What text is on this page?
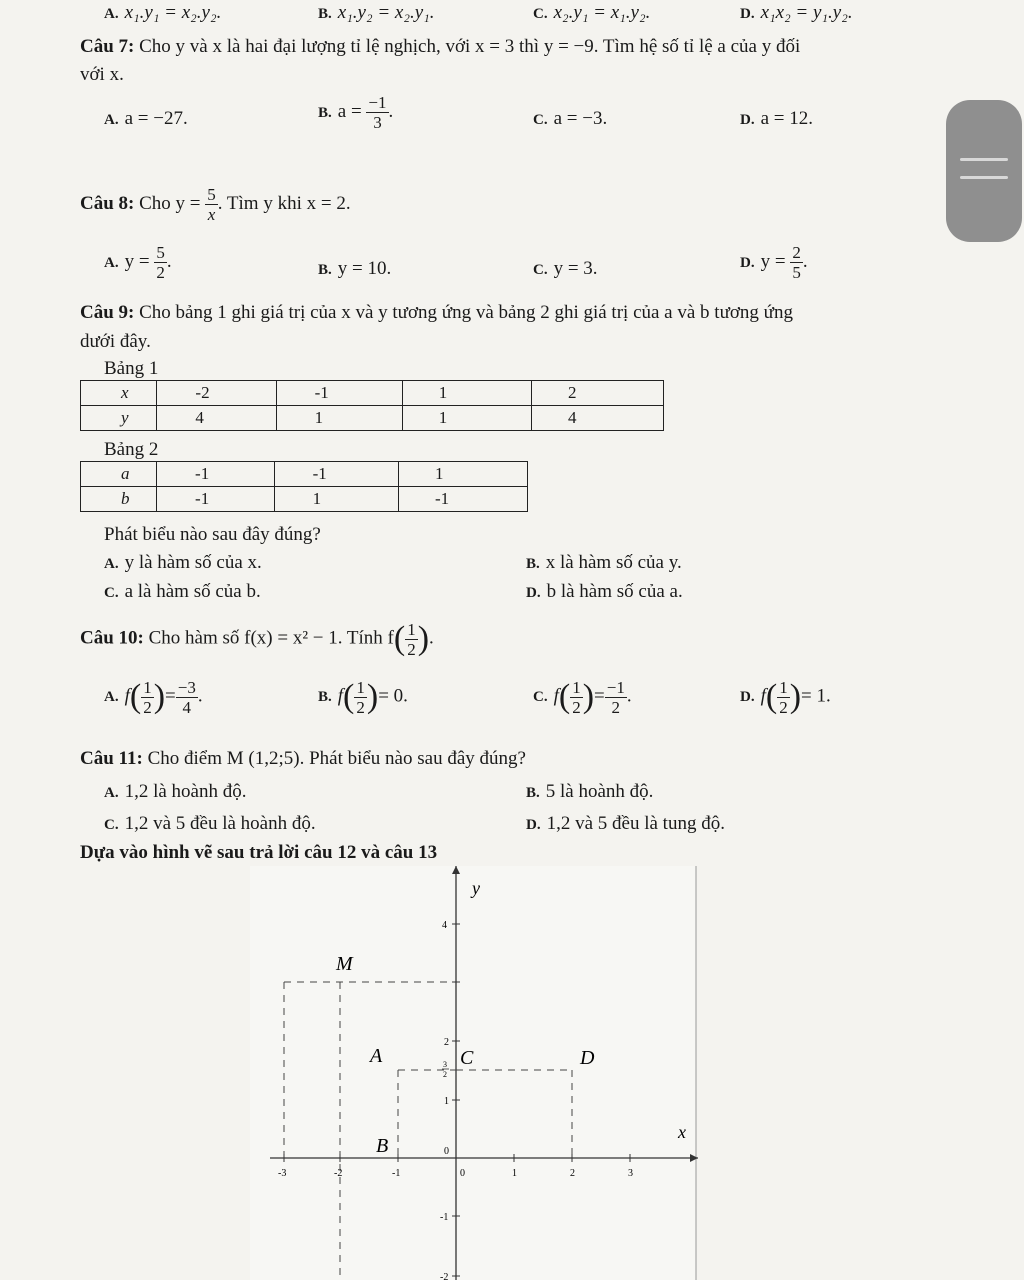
A. x₁.y₁ = x₂.y₂.	B. x₁.y₂ = x₂.y₁.	C. x₂.y₁ = x₁.y₂.	D. x₁x₂ = y₁.y₂.
Câu 7: Cho y và x là hai đại lượng tỉ lệ nghịch, với x = 3 thì y = −9. Tìm hệ số tỉ lệ a của y đối
với x.
A. a = −27.	B. $a = \frac{-1}{3}$ .	C. a = −3.	D. a = 12.
Câu 8: Cho $y = \frac{5}{x}$ . Tìm y khi x = 2.
A. $y = \frac{5}{2}$ .	B. y = 10.	C. y = 3.	D. $y = \frac{2}{5}$ .
Câu 9: Cho bảng 1 ghi giá trị của x và y tương ứng và bảng 2 ghi giá trị của a và b tương ứng
dưới đây.
Bảng 1
x	-2	-1	1	2
y	4	1	1	4
Bảng 2
a	-1	-1	1
b	-1	1	-1
Phát biểu nào sau đây đúng?
A. y là hàm số của x.	B. x là hàm số của y.
C. a là hàm số của b.	D. b là hàm số của a.
Câu 10: Cho hàm số f(x) = x² − 1. Tính $f( \frac{1}{2}$ ).
A. $f( \frac{1}{2}$ )= $\frac{-3}{4}$ .	B. $f( \frac{1}{2}$ )= 0.	C. $f( \frac{1}{2}$ )= $\frac{-1}{2}$ .	D. $f( \frac{1}{2}$ )= 1.
Câu 11: Cho điểm M (1,2;5). Phát biểu nào sau đây đúng?
A. 1,2 là hoành độ.	B. 5 là hoành độ.
C. 1,2 và 5 đều là hoành độ.	D. 1,2 và 5 đều là tung độ.
Dựa vào hình vẽ sau trả lời câu 12 và câu 13
y
x
-3	-2	-1	0	1	2	3
4
2
3
2
1
0
-1
-2
M
A
B
C	D
